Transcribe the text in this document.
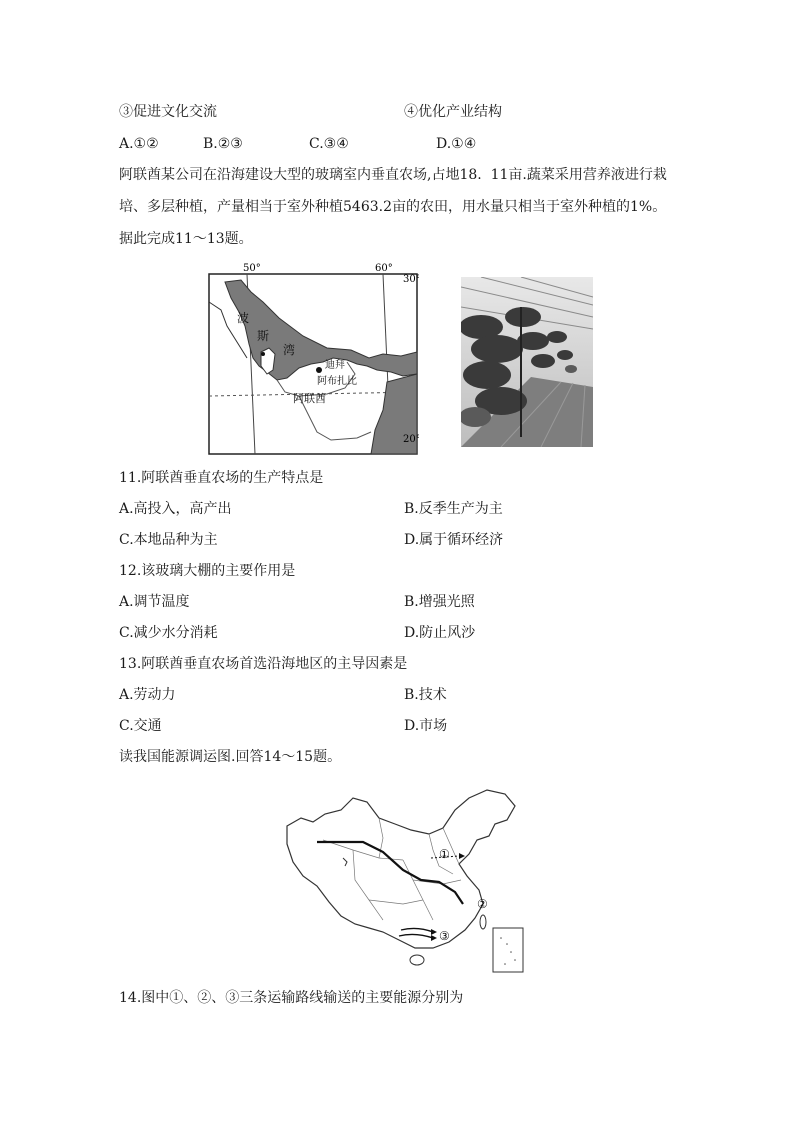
③促进文化交流	④优化产业结构
A.①②	B.②③	C.③④	D.①④
阿联酋某公司在沿海建设大型的玻璃室内垂直农场,占地18.  11亩.蔬菜采用营养液进行栽培、多层种植，产量相当于室外种植5463.2亩的农田，用水量只相当于室外种植的1%。据此完成11～13题。
50°	60°
30°
20°
波
斯
湾
迪拜
阿布扎比
阿联酋
11.阿联酋垂直农场的生产特点是
A.高投入，高产出	B.反季生产为主
C.本地品种为主	D.属于循环经济
12.该玻璃大棚的主要作用是
A.调节温度	B.增强光照
C.减少水分消耗	D.防止风沙
13.阿联酋垂直农场首选沿海地区的主导因素是
A.劳动力	B.技术
C.交通	D.市场
读我国能源调运图.回答14～15题。
①
②
③
14.图中①、②、③三条运输路线输送的主要能源分别为
